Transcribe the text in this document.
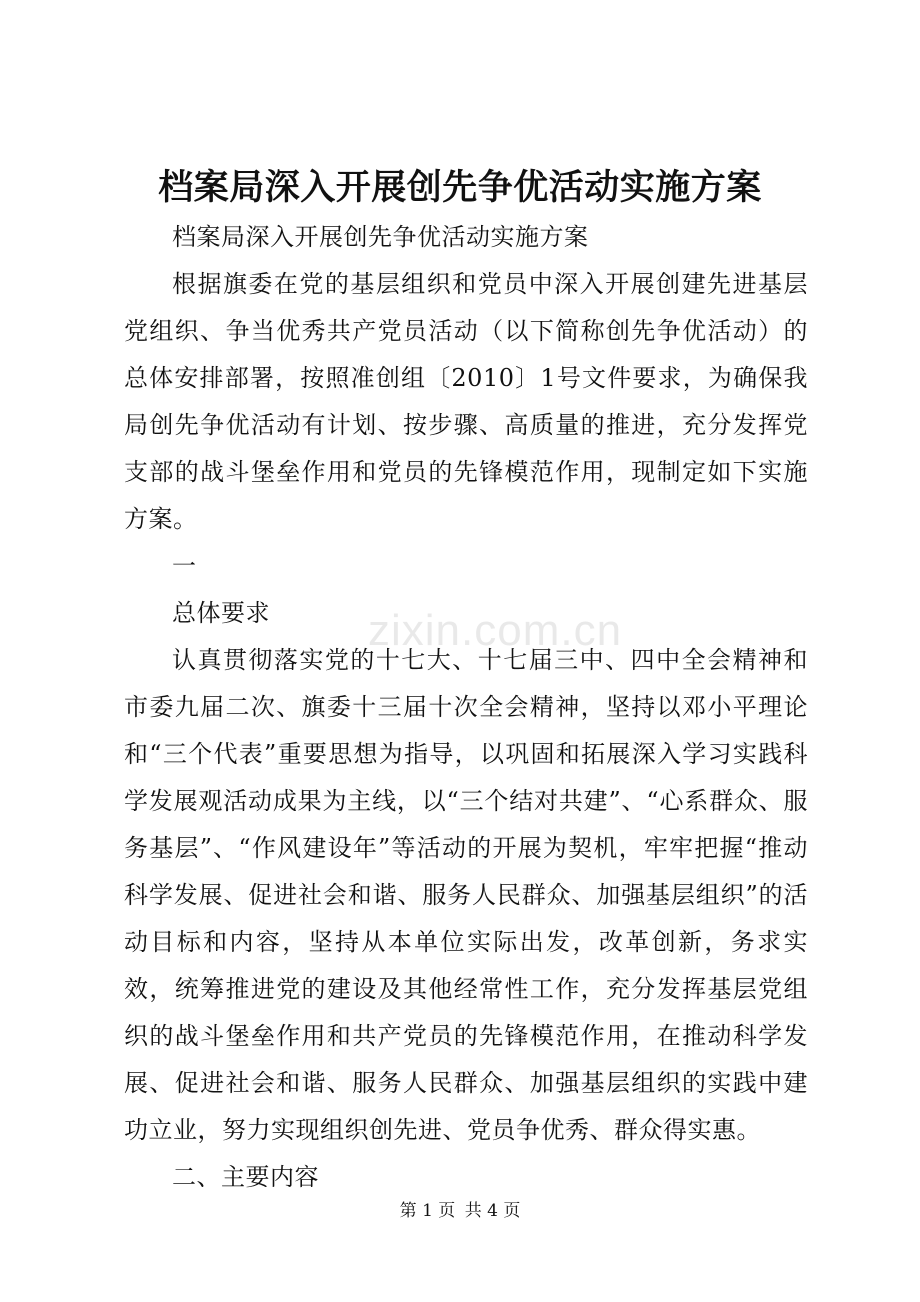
zixin.com.cn
档案局深入开展创先争优活动实施方案

档案局深入开展创先争优活动实施方案

根据旗委在党的基层组织和党员中深入开展创建先进基层党组织、争当优秀共产党员活动（以下简称创先争优活动）的总体安排部署，按照准创组〔2010〕1号文件要求，为确保我局创先争优活动有计划、按步骤、高质量的推进，充分发挥党支部的战斗堡垒作用和党员的先锋模范作用，现制定如下实施方案。

一

总体要求

认真贯彻落实党的十七大、十七届三中、四中全会精神和市委九届二次、旗委十三届十次全会精神，坚持以邓小平理论和“三个代表”重要思想为指导，以巩固和拓展深入学习实践科学发展观活动成果为主线，以“三个结对共建”、“心系群众、服务基层”、“作风建设年”等活动的开展为契机，牢牢把握“推动科学发展、促进社会和谐、服务人民群众、加强基层组织”的活动目标和内容，坚持从本单位实际出发，改革创新，务求实效，统筹推进党的建设及其他经常性工作，充分发挥基层党组织的战斗堡垒作用和共产党员的先锋模范作用，在推动科学发展、促进社会和谐、服务人民群众、加强基层组织的实践中建功立业，努力实现组织创先进、党员争优秀、群众得实惠。

二、主要内容

第 1 页 共 4 页
